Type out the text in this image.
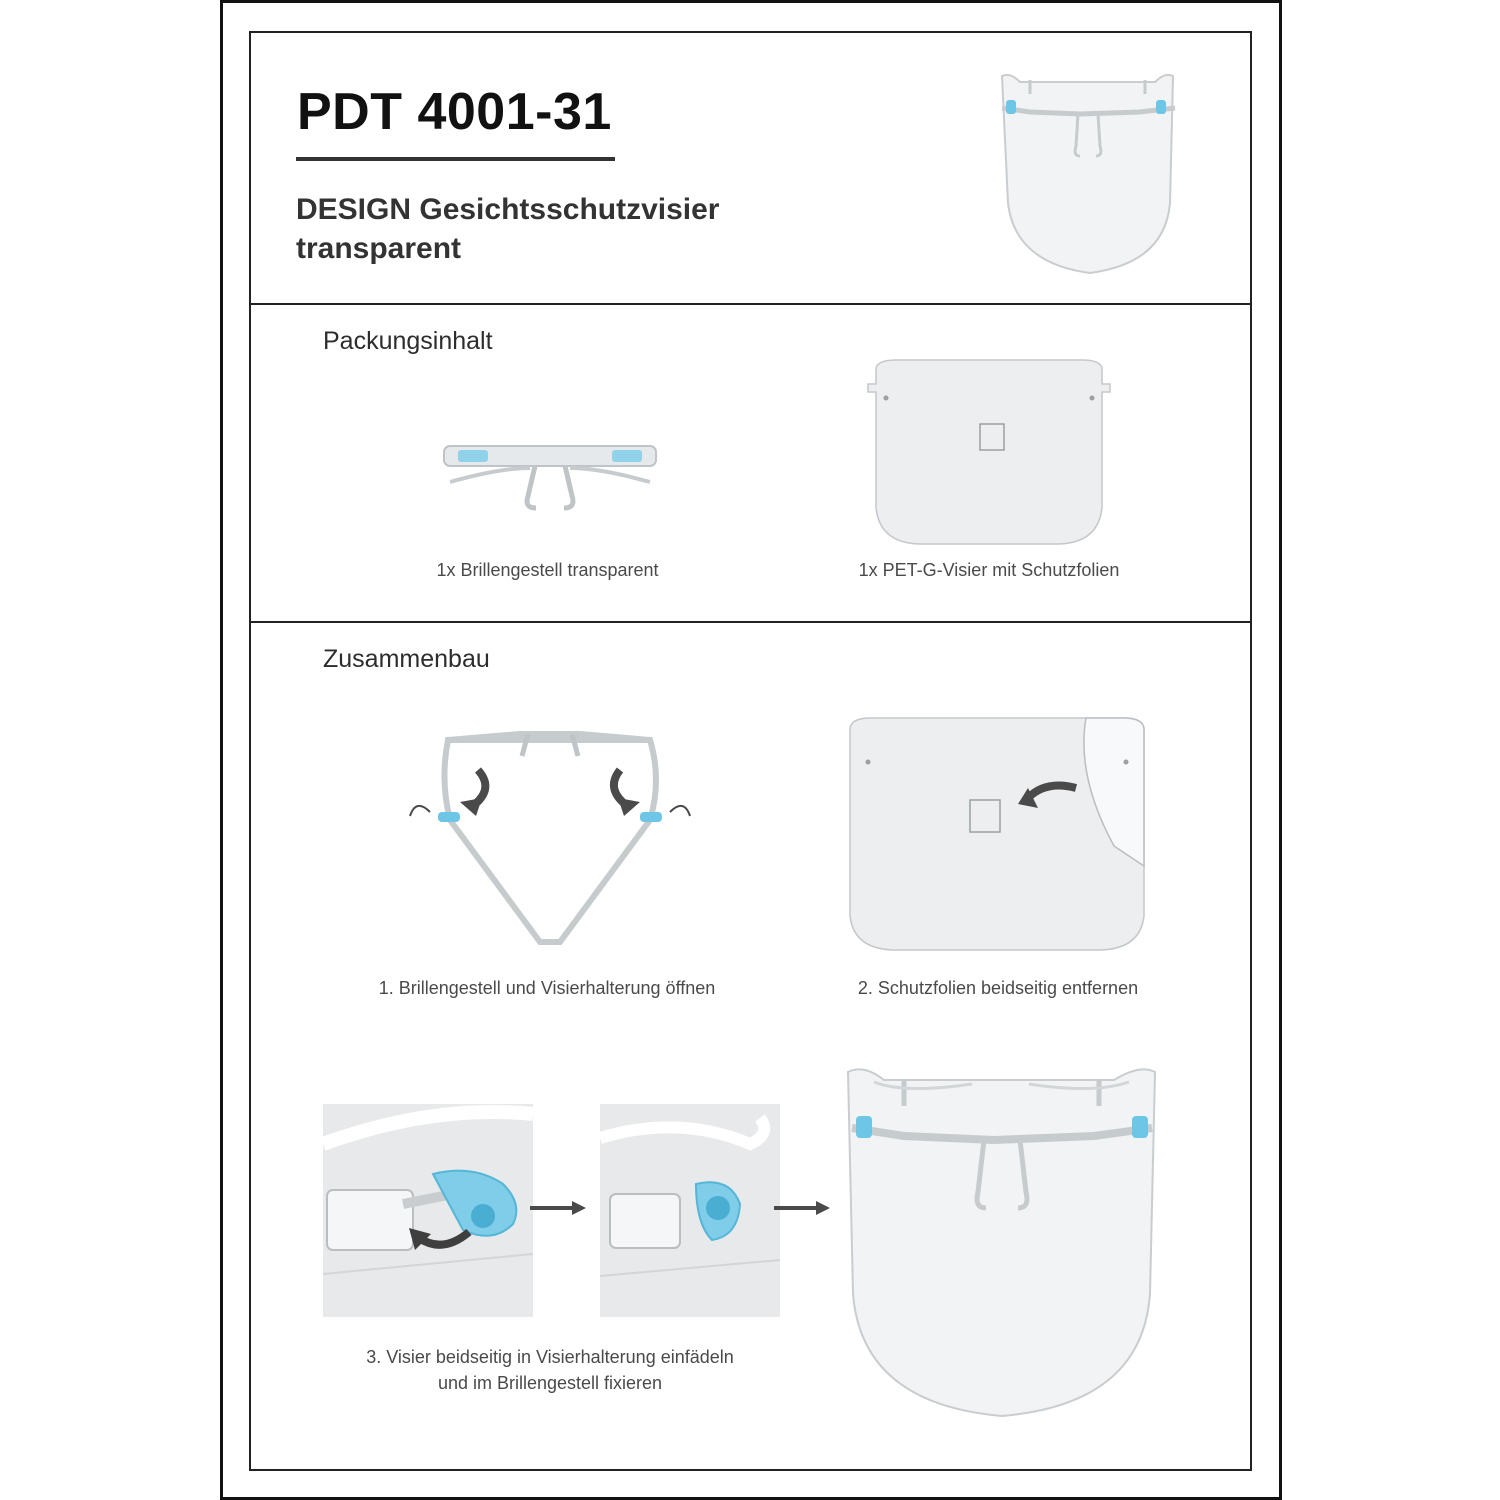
PDT 4001-31
DESIGN Gesichtsschutzvisier
transparent
Packungsinhalt
1x Brillengestell transparent	1x PET-G-Visier mit Schutzfolien
Zusammenbau
1. Brillengestell und Visierhalterung öffnen	2. Schutzfolien beidseitig entfernen
3. Visier beidseitig in Visierhalterung einfädeln
und im Brillengestell fixieren
